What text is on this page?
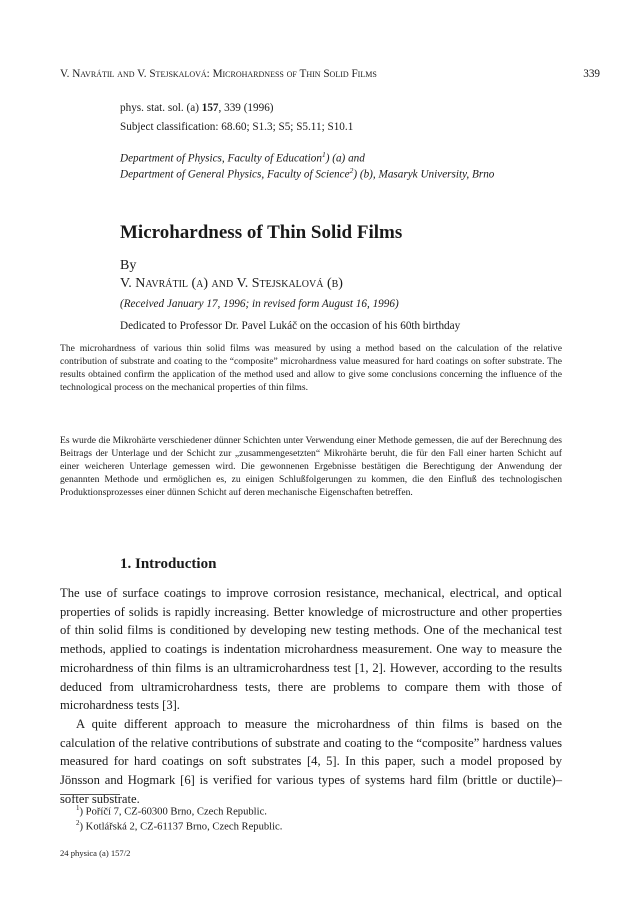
V. Navrátil and V. Stejskalová: Microhardness of Thin Solid Films	339
phys. stat. sol. (a) 157, 339 (1996)
Subject classification: 68.60; S1.3; S5; S5.11; S10.1
Department of Physics, Faculty of Education$^1$) (a) and
Department of General Physics, Faculty of Science$^2$) (b), Masaryk University, Brno
Microhardness of Thin Solid Films
By
V. Navrátil (a) and V. Stejskalová (b)
(Received January 17, 1996; in revised form August 16, 1996)
Dedicated to Professor Dr. Pavel Lukáč on the occasion of his 60th birthday
The microhardness of various thin solid films was measured by using a method based on the calculation of the relative contribution of substrate and coating to the “composite” microhardness value measured for hard coatings on softer substrate. The results obtained confirm the application of the method used and allow to give some conclusions concerning the influence of the technological process on the mechanical properties of thin films.
Es wurde die Mikrohärte verschiedener dünner Schichten unter Verwendung einer Methode gemessen, die auf der Berechnung des Beitrags der Unterlage und der Schicht zur „zusammengesetzten“ Mikrohärte beruht, die für den Fall einer harten Schicht auf einer weicheren Unterlage gemessen wird. Die gewonnenen Ergebnisse bestätigen die Berechtigung der Anwendung der genannten Methode und ermöglichen es, zu einigen Schlußfolgerungen zu kommen, die den Einfluß des technologischen Produktionsprozesses einer dünnen Schicht auf deren mechanische Eigenschaften betreffen.
1. Introduction

The use of surface coatings to improve corrosion resistance, mechanical, electrical, and optical properties of solids is rapidly increasing. Better knowledge of microstructure and other properties of thin solid films is conditioned by developing new testing methods. One of the mechanical test methods, applied to coatings is indentation microhardness measurement. One way to measure the microhardness of thin films is an ultramicrohardness test [1, 2]. However, according to the results deduced from ultramicrohardness tests, there are problems to compare them with those of microhardness tests [3].

A quite different approach to measure the microhardness of thin films is based on the calculation of the relative contributions of substrate and coating to the “composite” hardness values measured for hard coatings on soft substrates [4, 5]. In this paper, such a model proposed by Jönsson and Hogmark [6] is verified for various types of systems hard film (brittle or ductile)–softer substrate.

$^1$) Poříčí 7, CZ-60300 Brno, Czech Republic.
$^2$) Kotlářská 2, CZ-61137 Brno, Czech Republic.
24 physica (a) 157/2
